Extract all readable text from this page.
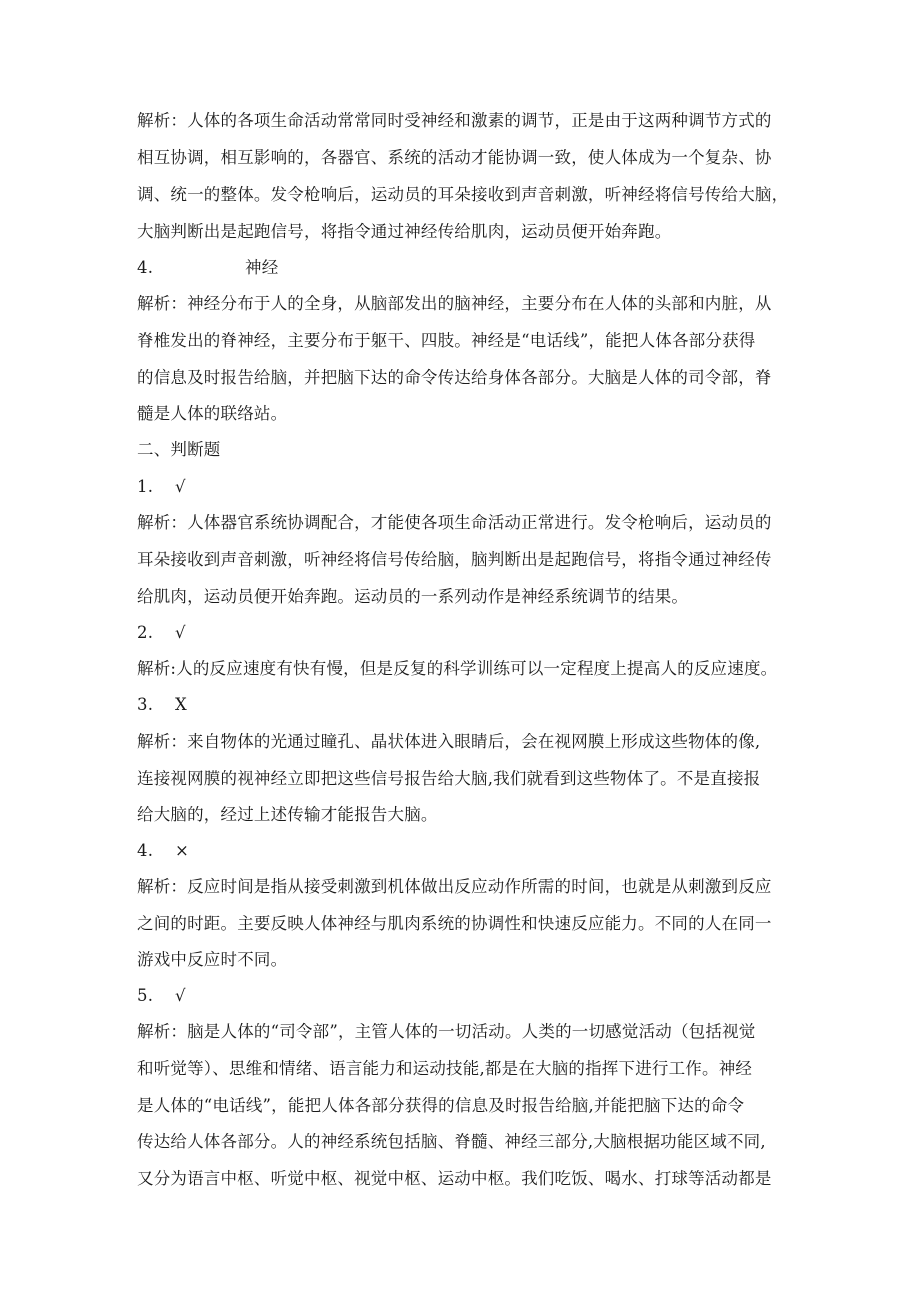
解析：人体的各项生命活动常常同时受神经和激素的调节，正是由于这两种调节方式的
相互协调，相互影响的，各器官、系统的活动才能协调一致，使人体成为一个复杂、协
调、统一的整体。发令枪响后，运动员的耳朵接收到声音刺激，听神经将信号传给大脑，
大脑判断出是起跑信号，将指令通过神经传给肌肉，运动员便开始奔跑。
4.	神经
解析：神经分布于人的全身，从脑部发出的脑神经，主要分布在人体的头部和内脏，从
脊椎发出的脊神经，主要分布于躯干、四肢。神经是“电话线”，能把人体各部分获得
的信息及时报告给脑，并把脑下达的命令传达给身体各部分。大脑是人体的司令部，脊
髓是人体的联络站。
二、判断题
1. √
解析：人体器官系统协调配合，才能使各项生命活动正常进行。发令枪响后，运动员的
耳朵接收到声音刺激，听神经将信号传给脑，脑判断出是起跑信号，将指令通过神经传
给肌肉，运动员便开始奔跑。运动员的一系列动作是神经系统调节的结果。
2. √
解析:人的反应速度有快有慢，但是反复的科学训练可以一定程度上提高人的反应速度。
3. X
解析：来自物体的光通过瞳孔、晶状体进入眼睛后，会在视网膜上形成这些物体的像,
连接视网膜的视神经立即把这些信号报告给大脑,我们就看到这些物体了。不是直接报
给大脑的，经过上述传输才能报告大脑。
4. ×
解析：反应时间是指从接受刺激到机体做出反应动作所需的时间，也就是从刺激到反应
之间的时距。主要反映人体神经与肌肉系统的协调性和快速反应能力。不同的人在同一
游戏中反应时不同。
5. √
解析：脑是人体的“司令部”，主管人体的一切活动。人类的一切感觉活动（包括视觉
和听觉等）、思维和情绪、语言能力和运动技能,都是在大脑的指挥下进行工作。神经
是人体的“电话线”，能把人体各部分获得的信息及时报告给脑,并能把脑下达的命令
传达给人体各部分。人的神经系统包括脑、脊髓、神经三部分,大脑根据功能区域不同,
又分为语言中枢、听觉中枢、视觉中枢、运动中枢。我们吃饭、喝水、打球等活动都是
